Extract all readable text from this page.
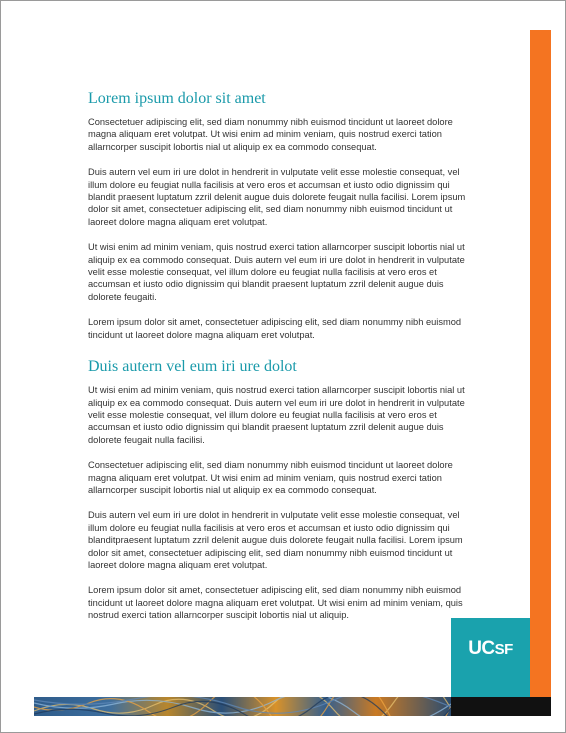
Lorem ipsum dolor sit amet

Consectetuer adipiscing elit, sed diam nonummy nibh euismod tincidunt ut laoreet dolore magna aliquam eret volutpat. Ut wisi enim ad minim veniam, quis nostrud exerci tation allarncorper suscipit lobortis nial ut aliquip ex ea commodo consequat.

Duis autern vel eum iri ure dolot in hendrerit in vulputate velit esse molestie consequat, vel illum dolore eu feugiat nulla facilisis at vero eros et accumsan et iusto odio dignissim qui blandit praesent luptatum zzril delenit augue duis dolorete feugait nulla facilisi. Lorem ipsum dolor sit amet, consectetuer adipiscing elit, sed diam nonummy nibh euismod tincidunt ut laoreet dolore magna aliquam eret volutpat.

Ut wisi enim ad minim veniam, quis nostrud exerci tation allarncorper suscipit lobortis nial ut aliquip ex ea commodo consequat. Duis autern vel eum iri ure dolot in hendrerit in vulputate velit esse molestie consequat, vel illum dolore eu feugiat nulla facilisis at vero eros et accumsan et iusto odio dignissim qui blandit praesent luptatum zzril delenit augue duis dolorete feugaiti.

Lorem ipsum dolor sit amet, consectetuer adipiscing elit, sed diam nonummy nibh euismod tincidunt ut laoreet dolore magna aliquam eret volutpat.

Duis autern vel eum iri ure dolot

Ut wisi enim ad minim veniam, quis nostrud exerci tation allarncorper suscipit lobortis nial ut aliquip ex ea commodo consequat. Duis autern vel eum iri ure dolot in hendrerit in vulputate velit esse molestie consequat, vel illum dolore eu feugiat nulla facilisis at vero eros et accumsan et iusto odio dignissim qui blandit praesent luptatum zzril delenit augue duis dolorete feugait nulla facilisi.

Consectetuer adipiscing elit, sed diam nonummy nibh euismod tincidunt ut laoreet dolore magna aliquam eret volutpat. Ut wisi enim ad minim veniam, quis nostrud exerci tation allarncorper suscipit lobortis nial ut aliquip ex ea commodo consequat.

Duis autern vel eum iri ure dolot in hendrerit in vulputate velit esse molestie consequat, vel illum dolore eu feugiat nulla facilisis at vero eros et accumsan et iusto odio dignissim qui blanditpraesent luptatum zzril delenit augue duis dolorete feugait nulla facilisi. Lorem ipsum dolor sit amet, consectetuer adipiscing elit, sed diam nonummy nibh euismod tincidunt ut laoreet dolore magna aliquam eret volutpat.

Lorem ipsum dolor sit amet, consectetuer adipiscing elit, sed diam nonummy nibh euismod tincidunt ut laoreet dolore magna aliquam eret volutpat. Ut wisi enim ad minim veniam, quis nostrud exerci tation allarncorper suscipit lobortis nial ut aliquip.

UCSF
